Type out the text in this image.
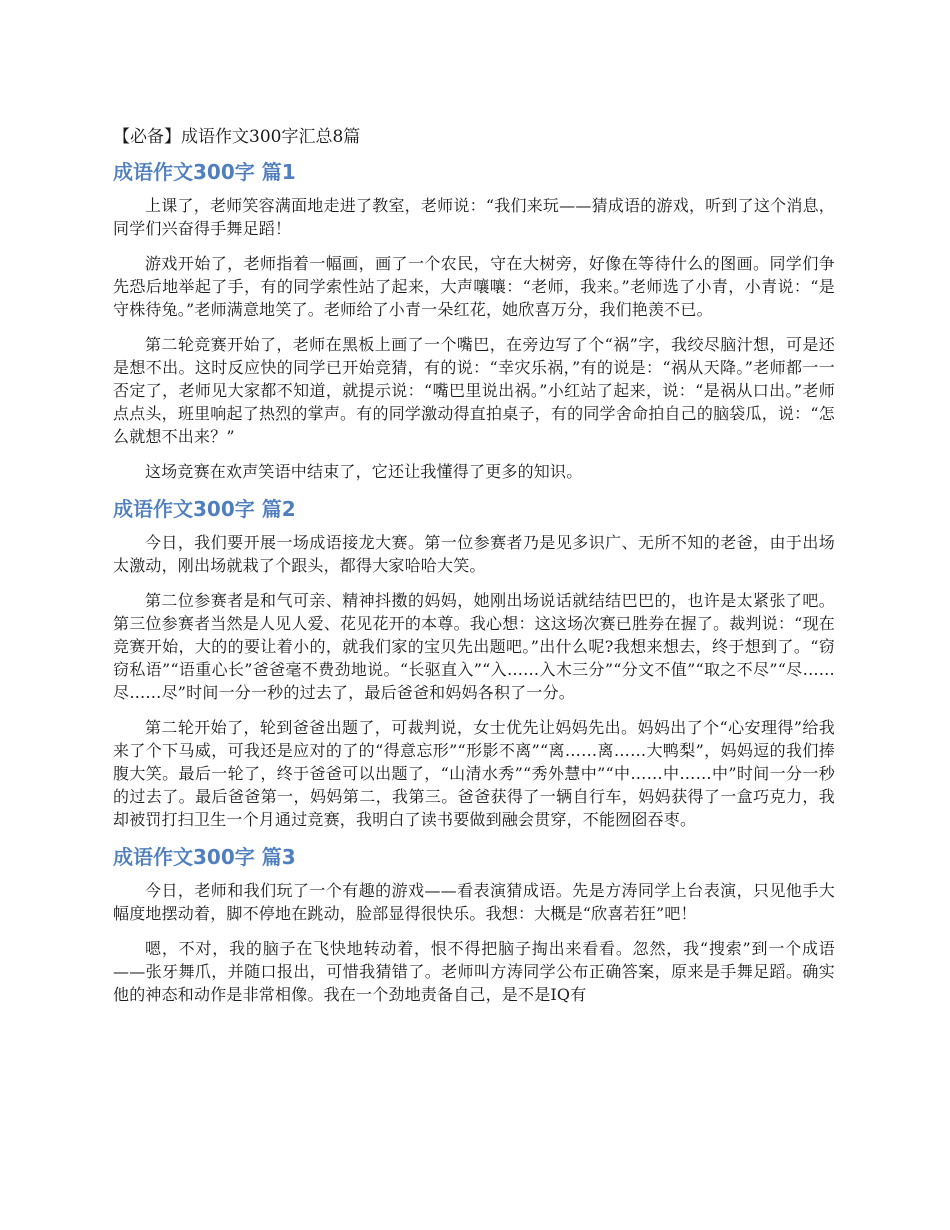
【必备】成语作文300字汇总8篇
成语作文300字 篇1

上课了，老师笑容满面地走进了教室，老师说：“我们来玩——猜成语的游戏，听到了这个消息，同学们兴奋得手舞足蹈！

游戏开始了，老师指着一幅画，画了一个农民，守在大树旁，好像在等待什么的图画。同学们争先恐后地举起了手，有的同学索性站了起来，大声嚷嚷：“老师，我来。”老师选了小青，小青说：“是守株待兔。”老师满意地笑了。老师给了小青一朵红花，她欣喜万分，我们艳羡不已。

第二轮竞赛开始了，老师在黑板上画了一个嘴巴，在旁边写了个“祸”字，我绞尽脑汁想，可是还是想不出。这时反应快的同学已开始竞猜，有的说：“幸灾乐祸，”有的说是：“祸从天降。”老师都一一否定了，老师见大家都不知道，就提示说：“嘴巴里说出祸。”小红站了起来，说：“是祸从口出。”老师点点头，班里响起了热烈的掌声。有的同学激动得直拍桌子，有的同学舍命拍自己的脑袋瓜，说：“怎么就想不出来？”

这场竞赛在欢声笑语中结束了，它还让我懂得了更多的知识。

成语作文300字 篇2

今日，我们要开展一场成语接龙大赛。第一位参赛者乃是见多识广、无所不知的老爸，由于出场太激动，刚出场就栽了个跟头，都得大家哈哈大笑。

第二位参赛者是和气可亲、精神抖擞的妈妈，她刚出场说话就结结巴巴的，也许是太紧张了吧。第三位参赛者当然是人见人爱、花见花开的本尊。我心想：这这场次赛已胜券在握了。裁判说：“现在竞赛开始，大的的要让着小的，就我们家的宝贝先出题吧。”出什么呢?我想来想去，终于想到了。“窃窃私语”“语重心长”爸爸毫不费劲地说。“长驱直入”“入……入木三分”“分文不值”“取之不尽”“尽……尽……尽”时间一分一秒的过去了，最后爸爸和妈妈各积了一分。

第二轮开始了，轮到爸爸出题了，可裁判说，女士优先让妈妈先出。妈妈出了个“心安理得”给我来了个下马威，可我还是应对的了的“得意忘形”“形影不离”“离……离……大鸭梨”，妈妈逗的我们捧腹大笑。最后一轮了，终于爸爸可以出题了，“山清水秀”“秀外慧中”“中……中……中”时间一分一秒的过去了。最后爸爸第一，妈妈第二，我第三。爸爸获得了一辆自行车，妈妈获得了一盒巧克力，我却被罚打扫卫生一个月通过竞赛，我明白了读书要做到融会贯穿，不能囫囵吞枣。

成语作文300字 篇3

今日，老师和我们玩了一个有趣的游戏——看表演猜成语。先是方涛同学上台表演，只见他手大幅度地摆动着，脚不停地在跳动，脸部显得很快乐。我想：大概是“欣喜若狂”吧！

嗯，不对，我的脑子在飞快地转动着，恨不得把脑子掏出来看看。忽然，我“搜索”到一个成语——张牙舞爪，并随口报出，可惜我猜错了。老师叫方涛同学公布正确答案，原来是手舞足蹈。确实他的神态和动作是非常相像。我在一个劲地责备自己，是不是IQ有
